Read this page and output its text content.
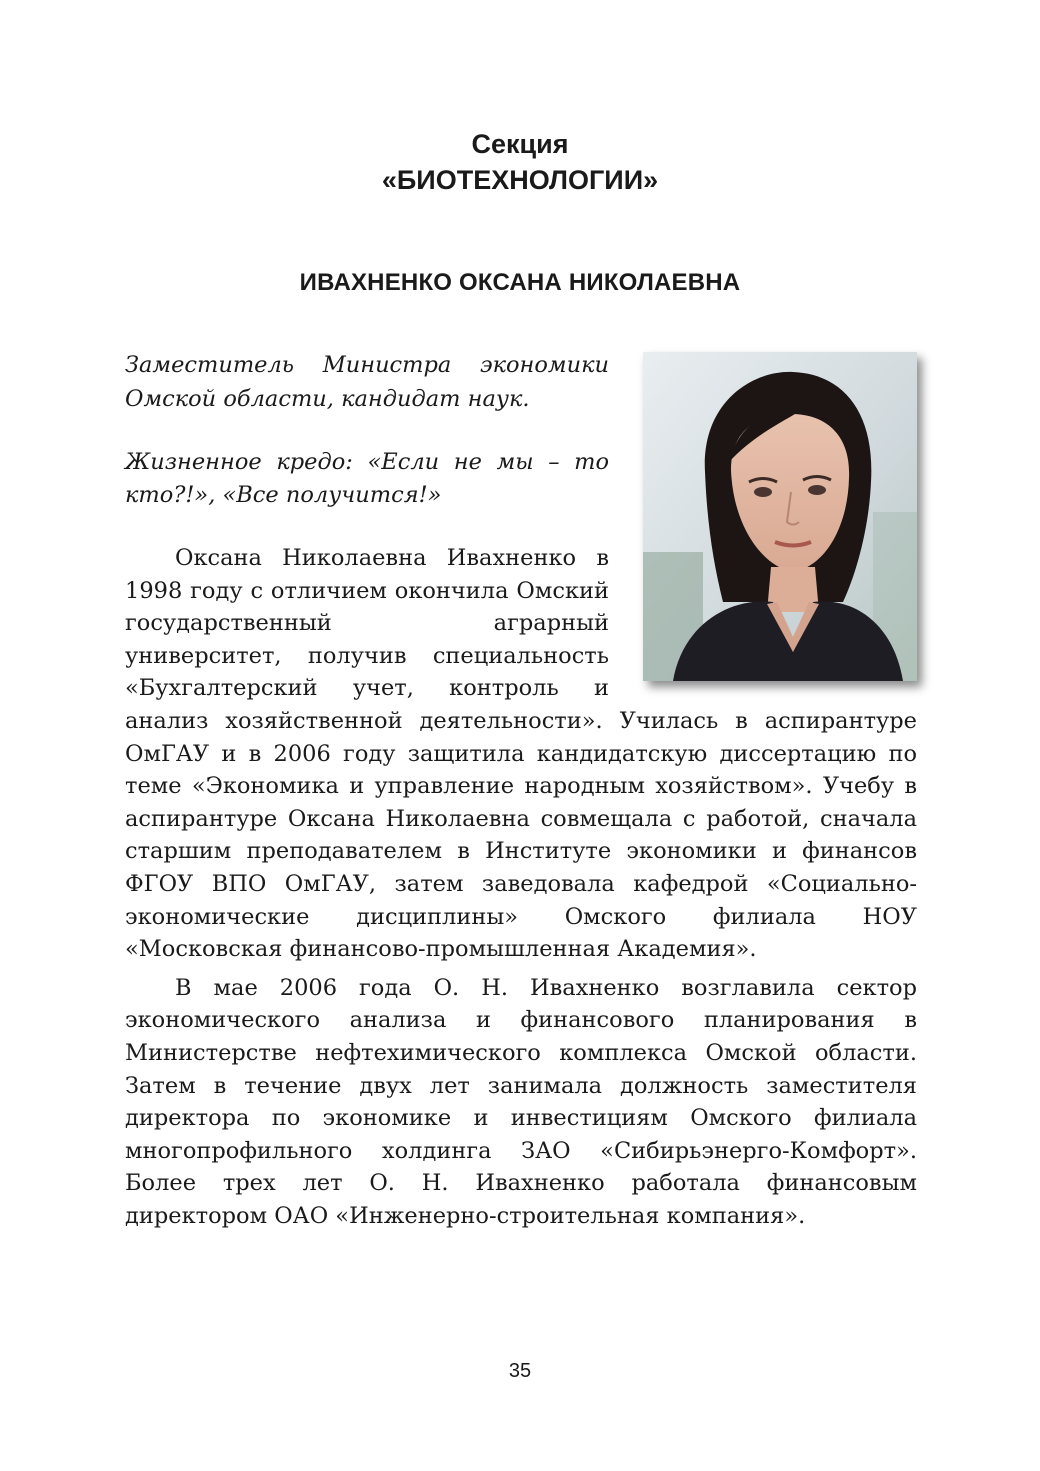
Секция
«БИОТЕХНОЛОГИИ»
ИВАХНЕНКО ОКСАНА НИКОЛАЕВНА

Заместитель Министра экономики Омской области, кандидат наук.

Жизненное кредо: «Если не мы – то кто?!», «Все получится!»

Оксана Николаевна Ивахненко в 1998 году с отличием окончила Омский государственный аграрный университет, получив специальность «Бухгалтерский учет, контроль и анализ хозяйственной деятельности». Училась в аспирантуре ОмГАУ и в 2006 году защитила кандидатскую диссертацию по теме «Экономика и управление народным хозяйством». Учебу в аспирантуре Оксана Николаевна совмещала с работой, сначала старшим преподавателем в Институте экономики и финансов ФГОУ ВПО ОмГАУ, затем заведовала кафедрой «Социально-экономические дисциплины» Омского филиала НОУ «Московская финансово-промышленная Академия».

В мае 2006 года О. Н. Ивахненко возглавила сектор экономического анализа и финансового планирования в Министерстве нефтехимического комплекса Омской области. Затем в течение двух лет занимала должность заместителя директора по экономике и инвестициям Омского филиала многопрофильного холдинга ЗАО «Сибирьэнерго-Комфорт». Более трех лет О. Н. Ивахненко работала финансовым директором ОАО «Инженерно-строительная компания».

35
